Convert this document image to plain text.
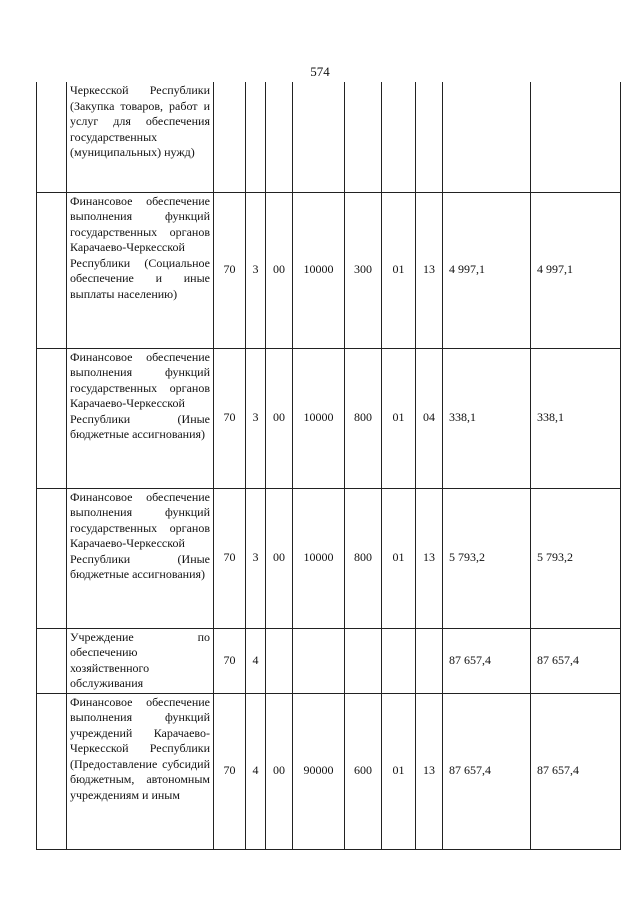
574

	Черкесской Республики (Закупка товаров, работ и услуг для обеспечения государственных (муниципальных) нужд)									

	Финансовое обеспечение выполнения функций государственных органов Карачаево-Черкесской Республики (Социальное обеспечение и иные выплаты населению)	70	3	00	10000	300	01	13	4 997,1	4 997,1

	Финансовое обеспечение выполнения функций государственных органов Карачаево-Черкесской Республики (Иные бюджетные ассигнования)	70	3	00	10000	800	01	04	338,1	338,1

	Финансовое обеспечение выполнения функций государственных органов Карачаево-Черкесской Республики (Иные бюджетные ассигнования)	70	3	00	10000	800	01	13	5 793,2	5 793,2

	Учреждение по обеспечению хозяйственного обслуживания	70	4						87 657,4	87 657,4

	Финансовое обеспечение выполнения функций учреждений Карачаево-Черкесской Республики (Предоставление субсидий бюджетным, автономным учреждениям и иным	70	4	00	90000	600	01	13	87 657,4	87 657,4
